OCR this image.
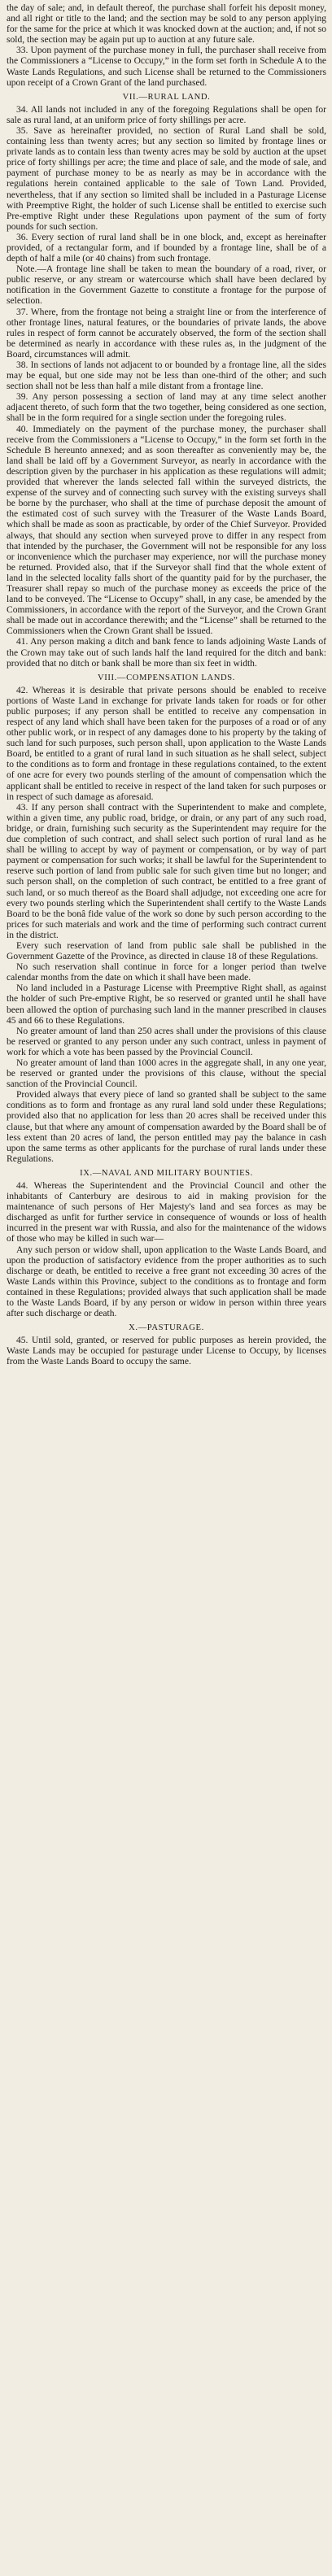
the day of sale; and, in default thereof, the purchase shall forfeit his deposit money, and all right or title to the land; and the section may be sold to any person applying for the same for the price at which it was knocked down at the auction; and, if not so sold, the section may be again put up to auction at any future sale.

33. Upon payment of the purchase money in full, the purchaser shall receive from the Commissioners a “License to Occupy,” in the form set forth in Schedule A to the Waste Lands Regulations, and such License shall be returned to the Commissioners upon receipt of a Crown Grant of the land purchased.

VII.—RURAL LAND.

34. All lands not included in any of the foregoing Regulations shall be open for sale as rural land, at an uniform price of forty shillings per acre.

35. Save as hereinafter provided, no section of Rural Land shall be sold, containing less than twenty acres; but any section so limited by frontage lines or private lands as to contain less than twenty acres may be sold by auction at the upset price of forty shillings per acre; the time and place of sale, and the mode of sale, and payment of purchase money to be as nearly as may be in accordance with the regulations herein contained applicable to the sale of Town Land. Provided, nevertheless, that if any section so limited shall be included in a Pasturage License with Preemptive Right, the holder of such License shall be entitled to exercise such Pre-emptive Right under these Regulations upon payment of the sum of forty pounds for such section.

36. Every section of rural land shall be in one block, and, except as hereinafter provided, of a rectangular form, and if bounded by a frontage line, shall be of a depth of half a mile (or 40 chains) from such frontage.

Note.—A frontage line shall be taken to mean the boundary of a road, river, or public reserve, or any stream or watercourse which shall have been declared by notification in the Government Gazette to constitute a frontage for the purpose of selection.

37. Where, from the frontage not being a straight line or from the interference of other frontage lines, natural features, or the boundaries of private lands, the above rules in respect of form cannot be accurately observed, the form of the section shall be determined as nearly in accordance with these rules as, in the judgment of the Board, circumstances will admit.

38. In sections of lands not adjacent to or bounded by a frontage line, all the sides may be equal, but one side may not be less than one-third of the other; and such section shall not be less than half a mile distant from a frontage line.

39. Any person possessing a section of land may at any time select another adjacent thereto, of such form that the two together, being considered as one section, shall be in the form required for a single section under the foregoing rules.

40. Immediately on the payment of the purchase money, the purchaser shall receive from the Commissioners a “License to Occupy,” in the form set forth in the Schedule B hereunto annexed; and as soon thereafter as conveniently may be, the land shall be laid off by a Government Surveyor, as nearly in accordance with the description given by the purchaser in his application as these regulations will admit; provided that wherever the lands selected fall within the surveyed districts, the expense of the survey and of connecting such survey with the existing surveys shall be borne by the purchaser, who shall at the time of purchase deposit the amount of the estimated cost of such survey with the Treasurer of the Waste Lands Board, which shall be made as soon as practicable, by order of the Chief Surveyor. Provided always, that should any section when surveyed prove to differ in any respect from that intended by the purchaser, the Government will not be responsible for any loss or inconvenience which the purchaser may experience, nor will the purchase money be returned. Provided also, that if the Surveyor shall find that the whole extent of land in the selected locality falls short of the quantity paid for by the purchaser, the Treasurer shall repay so much of the purchase money as exceeds the price of the land to be conveyed. The “License to Occupy” shall, in any case, be amended by the Commissioners, in accordance with the report of the Surveyor, and the Crown Grant shall be made out in accordance therewith; and the “License” shall be returned to the Commissioners when the Crown Grant shall be issued.

41. Any person making a ditch and bank fence to lands adjoining Waste Lands of the Crown may take out of such lands half the land required for the ditch and bank: provided that no ditch or bank shall be more than six feet in width.

VIII.—COMPENSATION LANDS.

42. Whereas it is desirable that private persons should be enabled to receive portions of Waste Land in exchange for private lands taken for roads or for other public purposes; if any person shall be entitled to receive any compensation in respect of any land which shall have been taken for the purposes of a road or of any other public work, or in respect of any damages done to his property by the taking of such land for such purposes, such person shall, upon application to the Waste Lands Board, be entitled to a grant of rural land in such situation as he shall select, subject to the conditions as to form and frontage in these regulations contained, to the extent of one acre for every two pounds sterling of the amount of compensation which the applicant shall be entitled to receive in respect of the land taken for such purposes or in respect of such damage as aforesaid.

43. If any person shall contract with the Superintendent to make and complete, within a given time, any public road, bridge, or drain, or any part of any such road, bridge, or drain, furnishing such security as the Superintendent may require for the due completion of such contract, and shall select such portion of rural land as he shall be willing to accept by way of payment or compensation, or by way of part payment or compensation for such works; it shall be lawful for the Superintendent to reserve such portion of land from public sale for such given time but no longer; and such person shall, on the completion of such contract, be entitled to a free grant of such land, or so much thereof as the Board shall adjudge, not exceeding one acre for every two pounds sterling which the Superintendent shall certify to the Waste Lands Board to be the bonâ fide value of the work so done by such person according to the prices for such materials and work and the time of performing such contract current in the district.

Every such reservation of land from public sale shall be published in the Government Gazette of the Province, as directed in clause 18 of these Regulations.

No such reservation shall continue in force for a longer period than twelve calendar months from the date on which it shall have been made.

No land included in a Pasturage License with Preemptive Right shall, as against the holder of such Pre-emptive Right, be so reserved or granted until he shall have been allowed the option of purchasing such land in the manner prescribed in clauses 45 and 66 to these Regulations.

No greater amount of land than 250 acres shall under the provisions of this clause be reserved or granted to any person under any such contract, unless in payment of work for which a vote has been passed by the Provincial Council.

No greater amount of land than 1000 acres in the aggregate shall, in any one year, be reserved or granted under the provisions of this clause, without the special sanction of the Provincial Council.

Provided always that every piece of land so granted shall be subject to the same conditions as to form and frontage as any rural land sold under these Regulations; provided also that no application for less than 20 acres shall be received under this clause, but that where any amount of compensation awarded by the Board shall be of less extent than 20 acres of land, the person entitled may pay the balance in cash upon the same terms as other applicants for the purchase of rural lands under these Regulations.

IX.—NAVAL AND MILITARY BOUNTIES.

44. Whereas the Superintendent and the Provincial Council and other the inhabitants of Canterbury are desirous to aid in making provision for the maintenance of such persons of Her Majesty's land and sea forces as may be discharged as unfit for further service in consequence of wounds or loss of health incurred in the present war with Russia, and also for the maintenance of the widows of those who may be killed in such war—

Any such person or widow shall, upon application to the Waste Lands Board, and upon the production of satisfactory evidence from the proper authorities as to such discharge or death, be entitled to receive a free grant not exceeding 30 acres of the Waste Lands within this Province, subject to the conditions as to frontage and form contained in these Regulations; provided always that such application shall be made to the Waste Lands Board, if by any person or widow in person within three years after such discharge or death.

X.—PASTURAGE.

45. Until sold, granted, or reserved for public purposes as herein provided, the Waste Lands may be occupied for pasturage under License to Occupy, by licenses from the Waste Lands Board to occupy the same.
